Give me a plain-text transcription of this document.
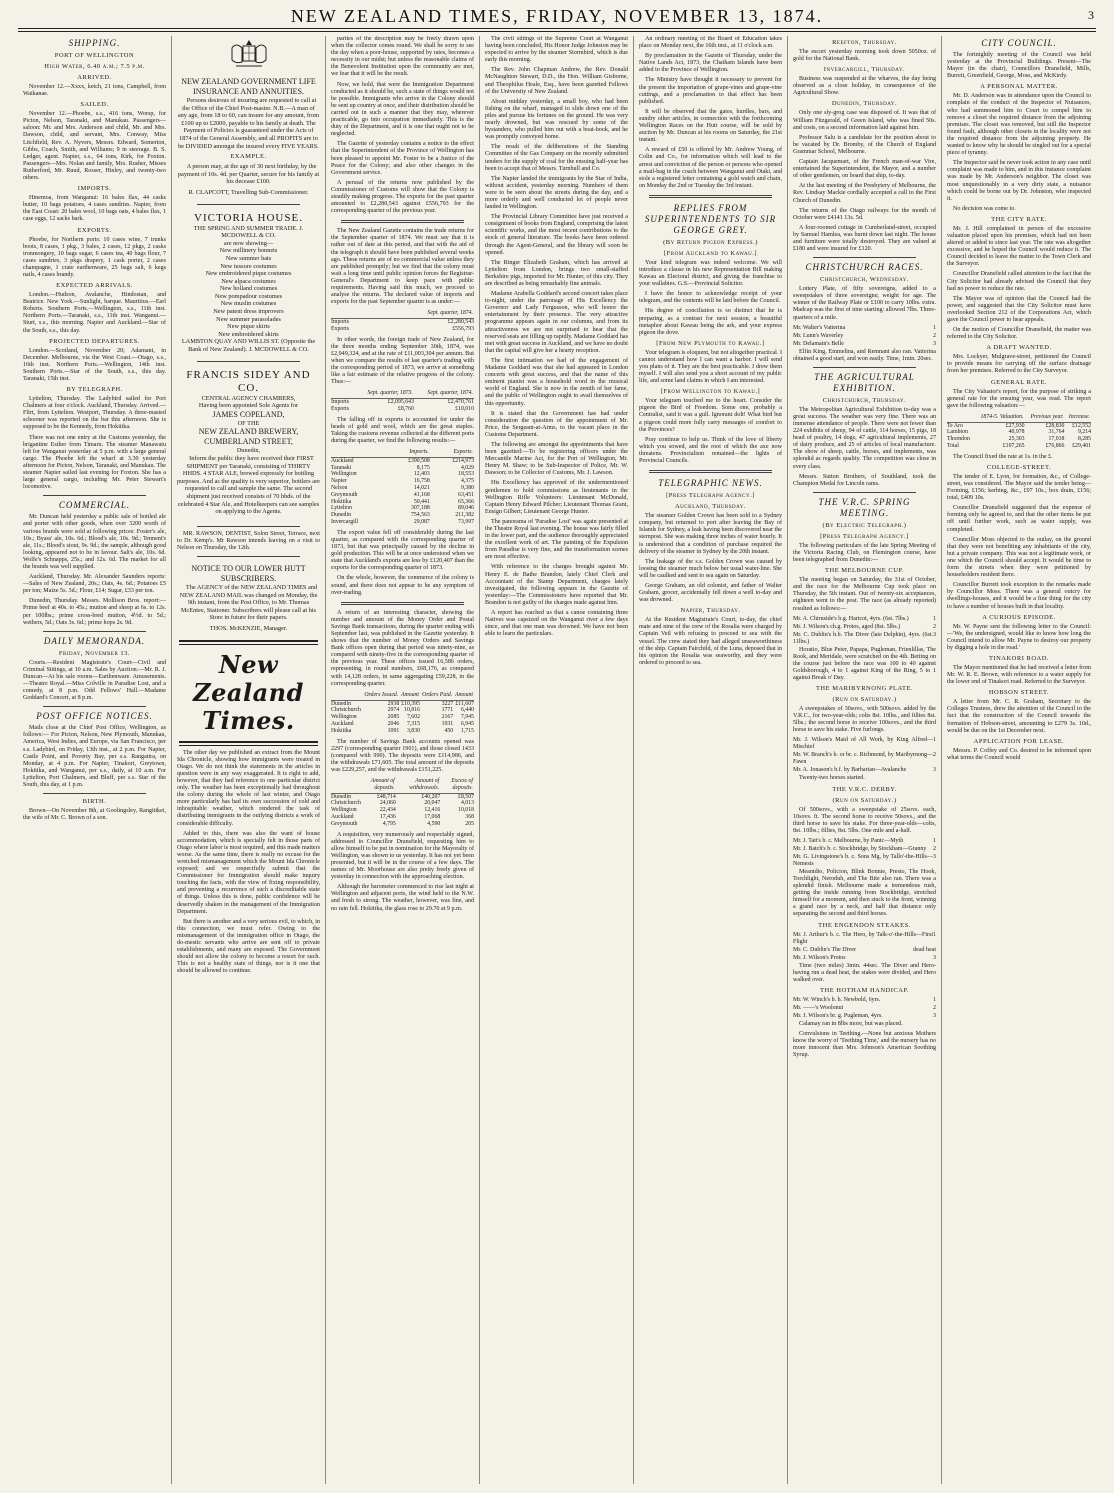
NEW ZEALAND TIMES, FRIDAY, NOVEMBER 13, 1874.	3
SHIPPING.
PORT OF WELLINGTON
High Water, 6.40 a.m.; 7.5 p.m.
ARRIVED.

November 12.—Xxxx, ketch, 21 tons, Campbell, from Waikanae.

SAILED.

November 12.—Phoebe, s.s., 416 tons, Worsp, for Picton, Nelson, Taranaki, and Manukau. Passengers—saloon: Mr. and Mrs. Anderson and child, Mr. and Mrs. Dawson, child, and servant, Mrs. Conway, Miss Litchfield, Rev. A. Nyvers, Messrs. Edward, Somerton, Gibbs, Coach, Smith, and Williams; 9 in steerage. B. S. Ledger, agent. Napier, s.s., 64 tons, Kirk, for Foxton. Passengers—Mrs. Nolan and family, Mrs. Rusher, Misses Rutherford, Mr. Ruud, Rosser, Hinley, and twenty-two others.

IMPORTS.

Hinemoa, from Wanganui: 16 bales flax, 44 casks butter, 10 bags potatoes, 4 cases sundries. Napier, from the East Coast: 20 bales wool, 10 bags oats, 4 bales flax, 1 case eggs, 12 sacks bark.

EXPORTS.

Phoebe, for Northern ports: 10 cases wine, 7 trunks boots, 8 cases, 1 pkg., 3 bales, 2 cases, 12 pkgs, 2 casks ironmongery, 10 bags sugar, 6 cases tea, 40 bags flour, 7 cases sundries, 3 pkgs drapery, 1 cask porter, 2 cases champagne, 1 crate earthenware, 25 bags salt, 6 kegs nails, 4 cases brandy.

EXPECTED ARRIVALS.

London.—Hudson, Avalanche, Hindostan, and Beatrice. New York.—Sunlight, barque. Mauritius.—Earl Roberts. Southern Ports.—Wellington, s.s., 11th inst. Northern Ports.—Taranaki, s.s., 11th inst. Wanganui.—Sturt, s.s., this morning. Napier and Auckland.—Star of the South, s.s., this day.

PROJECTED DEPARTURES.

London.—Scotland, November 20; Adamant, in December. Melbourne, via the West Coast.—Otago, s.s., 16th inst. Northern Ports.—Wellington, 14th inst. Southern Ports.—Star of the South, s.s., this day. Taranaki, 15th inst.

BY TELEGRAPH.

Lyttelton, Thursday. The Ladybird sailed for Port Chalmers at four o'clock. Auckland, Thursday. Arrived.—Flirt, from Lyttelton. Westport, Thursday. A three-masted schooner was reported on the bar this afternoon. She is supposed to be the Kennedy, from Hokitika.

There was not one entry at the Customs yesterday, the brigantine Esther from Timaru. The steamer Manawatu left for Wanganui yesterday at 5 p.m. with a large general cargo. The Phoebe left the wharf at 3.30 yesterday afternoon for Picton, Nelson, Taranaki, and Manukau. The steamer Napier sailed last evening for Foxton. She has a large general cargo, including Mr. Peter Stewart's locomotive.

COMMERCIAL.

Mr. Duncan held yesterday a public sale of bottled ale and porter with other goods, when over 3200 worth of various brands were sold at following prices: Foster's ale, 10s.; Byass' ale, 10s. 6d.; Blood's ale, 10s. 9d.; Tennent's ale, 11s.; Blood's stout, 9s. 9d.; the sample, although good looking, appeared not to be in favour. Salt's ale, 10s. 6d. Wolfe's Schnapps, 25s.; and 12s. 6d. The market for all the brands was well supplied.

Auckland, Thursday. Mr. Alexander Saunders reports:—Sales of New Zealand, 20s.; Oats, 4s. 6d.; Potatoes £5 per ton; Maize 5s. 3d.; Flour, £14; Sugar, £33 per ton.

Dunedin, Thursday. Messrs. Mollison Bros. report:—Prime beef at 40s. to 45s.; mutton and sheep at 6s. to 12s. per 100lbs.; prime cross-bred mutton, 4½d. to 5d.; wethers, 5d.; Oats 3s. 6d.; prime hops 2s. 9d.

DAILY MEMORANDA.
Friday, November 13.

Courts.—Resident Magistrate's Court—Civil and Criminal Sittings, at 10 a.m. Sales by Auction.—Mr. R. J. Duncan—At his sale rooms—Earthenware. Amusements.—Theatre Royal.—Miss Colville in Paradise Lost, and a comedy, at 8 p.m. Odd Fellows' Hall.—Madame Goddard's Concert, at 8 p.m.

POST OFFICE NOTICES.

Mails close at the Chief Post Office, Wellington, as follows:— For Picton, Nelson, New Plymouth, Manukau, America, West Indies, and Europe, via San Francisco, per s.s. Ladybird, on Friday, 13th inst., at 2 p.m. For Napier, Castle Point, and Poverty Bay, per s.s. Rangatira, on Monday, at 4 p.m. For Napier, Tinakori, Greytown, Hokitika, and Wanganui, per s.s., daily, at 10 a.m. For Lyttelton, Port Chalmers, and Bluff, per s.s. Star of the South, this day, at 1 p.m.

BIRTH.

Brown—On November 8th, at Goolingsley, Rangitikei, the wife of Mr. C. Brown of a son.

NEW ZEALAND GOVERNMENT LIFE INSURANCE AND ANNUITIES.

Persons desirous of insuring are requested to call at the Office of the Chief Post-master. N.B.—A man of any age, from 18 to 60, can insure for any amount, from £100 up to £2000, payable to his family at death. The Payment of Policies is guaranteed under the Acts of 1874 of the General Assembly, and all PROFITS are to be DIVIDED amongst the insured every FIVE YEARS.

EXAMPLE.

A person may, at the age of 30 next birthday, by the payment of 10s. 4d. per Quarter, secure for his family at his decease £100.

R. CLAPCOTT, Travelling Sub-Commissioner.
VICTORIA HOUSE.
THE SPRING AND SUMMER TRADE. J. MCDOWELL & CO.
are now showing—
New millinery bonnets
New summer hats
New tussore costumes
New embroidered pique costumes
New alpaca costumes
New holland costumes
New pompadour costumes
New muslin costumes
New patent dress improvers
New summer parasolades
New pique skirts
New embroidered skirts
LAMBTON QUAY AND WILLIS ST. (Opposite the Bank of New Zealand). J. MCDOWELL & CO.
FRANCIS SIDEY AND CO.
CENTRAL AGENCY CHAMBERS,
Having been appointed Sole Agents for
JAMES COPELAND,
OF THE
NEW ZEALAND BREWERY, CUMBERLAND STREET,
Dunedin,

Inform the public they have received their FIRST SHIPMENT per Taranaki, consisting of THIRTY HHDS. 4 STAR ALE, brewed expressly for bottling purposes. And as the quality is very superior, bottlers are requested to call and sample the same. The second shipment just received consists of 70 hhds. of the celebrated 4 Star Ale, and Hotelkeepers can see samples on applying to the Agents.

MR. RAWSON, DENTIST, Solon Street, Terrace, next to Dr. Kemp's. Mr Rawson intends leaving on a visit to Nelson on Thursday, the 12th.

NOTICE TO OUR LOWER HUTT SUBSCRIBERS.

The AGENCY of the NEW ZEALAND TIMES and NEW ZEALAND MAIL was changed on Monday, the 9th instant, from the Post Office, to Mr. Thomas McEntee, Stationer. Subscribers will please call at his Store in future for their papers.

THOS. McKENZIE, Manager.
New Zealand Times.

The other day we published an extract from the Mount Ida Chronicle, showing how immigrants were treated in Otago. We do not think the statements in the articles in question were in any way exaggerated. It is right to add, however, that they had reference to one particular district only. The weather has been exceptionally bad throughout the colony during the whole of last winter, and Otago more particularly has had its own succession of cold and inhospitable weather, which rendered the task of distributing immigrants in the outlying districts a work of considerable difficulty.

Added to this, there was also the want of house accommodation, which is specially felt in those parts of Otago where labor is most required, and this made matters worse. As the same time, there is really no excuse for the wretched mismanagement which the Mount Ida Chronicle exposed; and we respectfully submit that the Commissioner for Immigration should make inquiry touching the facts, with the view of fixing responsibility, and preventing a recurrence of such a discreditable state of things. Unless this is done, public confidence will be deservedly shaken in the management of the Immigration Department.

But there is another and a very serious evil, to which, in this connection, we must refer. Owing to the mismanagement of the immigration office in Otago, the do-mestic servants who arrive are sent off to private establishments, and many are exposed. The Government should not allow the colony to become a resort for such. This is not a healthy state of things, nor is it one that should be allowed to continue.

parties of the description may be freely drawn upon when the collector comes round. We shall be sorry to see the day when a poor-house, supported by rates, becomes a necessity in our midst; but unless the reasonable claims of the Benevolent Institution upon the community are met, we fear that it will be the result.

Now, we hold, that were the Immigration Department conducted as it should be, such a state of things would not be possible. Immigrants who arrive in the Colony should be sent up country at once, and their distribution should be carried out in such a manner that they may, wherever practicable, go into occupation immediately. This is the duty of the Department, and it is one that ought not to be neglected.

The Gazette of yesterday contains a notice to the effect that the Superintendent of the Province of Wellington has been pleased to appoint Mr. Foster to be a Justice of the Peace for the Colony; and also other changes in the Government service.

A perusal of the returns now published by the Commissioner of Customs will show that the Colony is steadily making progress. The exports for the past quarter amounted to £2,280,543 against £556,793 for the corresponding quarter of the previous year.

The New Zealand Gazette contains the trade returns for the September quarter of 1874. We must say that it is rather out of date at this period, and that with the aid of the telegraph it should have been published several weeks ago. These returns are of no commercial value unless they are published promptly; but we find that the colony must wait a long time until public opinion forces the Registrar-General's Department to keep pace with public requirements. Having said this much, we proceed to analyse the returns. The declared value of imports and exports for the past September quarter is as under:—

	Sept. quarter, 1874.
Imports	£2,280,543
Exports	£556,793

In other words, the foreign trade of New Zealand, for the three months ending September 30th, 1874, was £2,949,324, and at the rate of £11,003,304 per annum. But when we compare the results of last quarter's trading with the corresponding period of 1873, we arrive at something like a fair estimate of the relative progress of the colony. Thus:—

	Sept. quarter, 1873.	Sept. quarter, 1874.
Imports	£2,095,643	£2,470,761
Exports	£8,760	£10,010

The falling off in exports is accounted for under the heads of gold and wool, which are the great staples. Taking the customs revenue collected at the different ports during the quarter, we find the following results:—

	Imports.	Exports.
Auckland	£390,508	£214,973
Taranaki	8,175	4,029
Wellington	12,403	18,553
Napier	16,758	4,375
Nelson	14,021	9,380
Greymouth	41,168	63,451
Hokitika	50,441	65,366
Lyttelton	307,188	89,046
Dunedin	754,563	211,382
Invercargill	29,087	73,997

The export value fell off considerably during the last quarter, as compared with the corresponding quarter of 1873, but that was principally caused by the decline in gold production. This will be at once understood when we state that Auckland's exports are less by £120,407 than the exports for the corresponding quarter of 1873.

On the whole, however, the commerce of the colony is sound, and there does not appear to be any symptom of over-trading.

A return of an interesting character, showing the number and amount of the Money Order and Postal Savings Bank transactions, during the quarter ending with September last, was published in the Gazette yesterday. It shows that the number of Money Orders and Savings Bank offices open during that period was ninety-nine, as compared with ninety-five in the corresponding quarter of the previous year. These offices issued 16,586 orders, representing, in round numbers, £68,176, as compared with 14,128 orders, in same aggregating £59,228, in the corresponding quarter.

	Orders Issued.	Amount	Orders Paid.	Amount
Dunedin	2938	£10,395	3227	£11,607
Christchurch	2974	10,816	1771	6,440
Wellington	2085	7,602	2167	7,945
Auckland	2046	7,315	1931	6,945
Hokitika	1091	3,830	450	1,715

The number of Savings Bank accounts opened was 2297 (corresponding quarter 1901), and those closed 1433 (compared with 990). The deposits were £114,986, and the withdrawals £71,605. The total amount of the deposits was £229,257, and the withdrawals £151,225.

	Amount of deposits.	Amount of withdrawals.	Excess of deposits.
Dunedin	£48,714	£40,207	£8,507
Christchurch	24,060	20,047	4,013
Wellington	22,434	12,416	10,018
Auckland	17,436	17,068	368
Greymouth	4,795	4,590	205

A requisition, very numerously and respectably signed, addressed to Councillor Dransfield, requesting him to allow himself to be put in nomination for the Mayoralty of Wellington, was shown to us yesterday. It has not yet been presented, but it will be in the course of a few days. The names of Mr. Moorhouse are also pretty freely given of yesterday in connection with the approaching election.

Although the barometer commenced to rise last night at Wellington and adjacent ports, the wind held to the N.W. and fresh to strong. The weather, however, was fine, and no rain fell. Hokitika, the glass rose to 29.70 at 9 p.m.

The civil sittings of the Supreme Court at Wanganui having been concluded, His Honor Judge Johnston may be expected to arrive by the steamer Stormbird, which is due early this morning.

The Rev. John Chapman Andrew, the Rev. Donald McNaughton Stewart, D.D., the Hon. William Gisborne, and Theophilus Heale, Esq., have been gazetted Fellows of the University of New Zealand.

About midday yesterday, a small boy, who had been fishing on the wharf, managed to slide down one of the piles and pursue his fortunes on the ground. He was very nearly drowned, but was rescued by some of the bystanders, who pulled him out with a boat-hook, and he was promptly conveyed home.

The result of the deliberations of the Standing Committee of the Gas Company on the recently submitted tenders for the supply of coal for the ensuing half-year has been to accept that of Messrs. Turnbull and Co.

The Napier landed the immigrants by the Star of India, without accident, yesterday morning. Numbers of them were to be seen about the streets during the day, and a more orderly and well conducted lot of people never landed in Wellington.

The Provincial Library Committee have just received a consignment of books from England, comprising the latest scientific works, and the most recent contributions to the stock of general literature. The books have been ordered through the Agent-General, and the library will soon be opened.

The Ringer Elizabeth Graham, which has arrived at Lyttelton from London, brings two small-staffed Berkshire pigs, imported for Mr. Hunter, of this city. They are described as being remarkably fine animals.

Madame Arabella Goddard's second concert takes place to-night, under the patronage of His Excellency the Governor and Lady Fergusson, who will honor the entertainment by their presence. The very attractive programme appears again in our columns, and from its attractiveness we are not surprised to hear that the reserved seats are filling up rapidly. Madame Goddard has met with great success in Auckland, and we have no doubt that the capital will give her a hearty reception.

The first intimation we had of the engagement of Madame Goddard was that she had appeared in London concerts with great success, and that the name of this eminent pianist was a household word in the musical world of England. She is now in the zenith of her fame, and the public of Wellington ought to avail themselves of this opportunity.

It is stated that the Government has had under consideration the question of the appointment of Mr. Price, the Sergeant-at-Arms, to the vacant place in the Customs Department.

The following are amongst the appointments that have been gazetted:—To be registering officers under the Mercantile Marine Act, for the Port of Wellington, Mr. Henry M. Shaw; to be Sub-Inspector of Police, Mr. W. Dawson; to be Collector of Customs, Mr. J. Lawson.

His Excellency has approved of the undermentioned gentlemen to hold commissions as lieutenants in the Wellington Rifle Volunteers: Lieutenant McDonald, Captain Henry Edward Pilcher; Lieutenant Thomas Grant, Ensign Gilbert; Lieutenant George Hunter.

The panorama of 'Paradise Lost' was again presented at the Theatre Royal last evening. The house was fairly filled in the lower part, and the audience thoroughly appreciated the excellent work of art. The painting of the Expulsion from Paradise is very fine, and the transformation scenes are most effective.

With reference to the charges brought against Mr. Henry E. de Bathe Brandon, lately Chief Clerk and Accountant of the Stamp Department, charges lately investigated, the following appears in the Gazette of yesterday:—The Commissioners have reported that Mr. Brandon is not guilty of the charges made against him.

A report has reached us that a canoe containing three Natives was capsized on the Wanganui river a few days since, and that one man was drowned. We have not been able to learn the particulars.

An ordinary meeting of the Board of Education takes place on Monday next, the 16th inst., at 11 o'clock a.m.

By proclamation in the Gazette of Thursday, under the Native Lands Act, 1873, the Chatham Islands have been added to the Province of Wellington.

The Ministry have thought it necessary to prevent for the present the importation of grape-vines and grape-vine cuttings, and a proclamation to that effect has been published.

It will be observed that the gates, hurdles, bars, and sundry other articles, in connection with the forthcoming Wellington Races on the Hutt course, will be sold by auction by Mr. Duncan at his rooms on Saturday, the 21st instant.

A reward of £50 is offered by Mr. Andrew Young, of Colin and Co., for information which will lead to the arrest and conviction of the person or persons who opened a mail-bag in the coach between Wanganui and Otaki, and stole a registered letter containing a gold watch and chain, on Monday the 2nd or Tuesday the 3rd instant.

REPLIES FROM SUPERINTENDENTS TO SIR GEORGE GREY.
(By Return Pigeon Express.)
[From Auckland to Kawau.]

Your kind telegram was indeed welcome. We will introduce a clause in his new Representation Bill making Kawau an Electoral district, and giving the franchise to your wallabies. G.S.—Provincial Solicitor.

I have the honor to acknowledge receipt of your telegram, and the contents will be laid before the Council.

His degree of conciliation is so distinct that he is preparing, as a contrast for next session, a beautiful metaphor about Kawau being the ark, and your express pigeon the dove.

[From New Plymouth to Kawau.]

Your telegram is eloquent, but not altogether practical. I cannot understand how I can want a harbor. I will send you plans of it. They are the best practicable. I drew them myself. I will also send you a short account of my public life, and some land claims in which I am interested.

[From Wellington to Kawau.]

Your telegram touched me to the heart. Consider the pigeon the Bird of Freedom. Some one, probably a Centralist, said it was a gull. Ignorant dolt! What bird but a pigeon could more fully carry messages of comfort to the Provinces?

Pray continue to help us. Think of the love of liberty which you sowed, and the root of which the axe now threatens. Provincialism remained—the lights of Provincial Councils.

TELEGRAPHIC NEWS.
[Press Telegraph Agency.]
Auckland, Thursday.

The steamer Golden Crown has been sold to a Sydney company, but returned to port after leaving the Bay of Islands for Sydney, a leak having been discovered near the sternpost. She was making three inches of water hourly. It is understood that a condition of purchase required the delivery of the steamer in Sydney by the 20th instant.

The leakage of the s.s. Golden Crown was caused by loosing the steamer much below her usual water-line. She will be caulked and sent to sea again on Saturday.

George Graham, an old colonist, and father of Walter Graham, grocer, accidentally fell down a well to-day and was drowned.

Napier, Thursday.

At the Resident Magistrate's Court, to-day, the chief mate and nine of the crew of the Rosalia were charged by Captain Veil with refusing to proceed to sea with the vessel. The crew stated they had alleged unseaworthiness of the ship. Captain Fairchild, of the Luna, deposed that in his opinion the Rosalia was seaworthy, and they were ordered to proceed to sea.

Reefton, Thursday.

The escort yesterday morning took down 5050oz. of gold for the National Bank.

Invercargill, Thursday.

Business was suspended at the wharves, the day being observed as a close holiday, in consequence of the Agricultural Show.

Dunedin, Thursday.

Only one sly-grog case was disposed of. It was that of William Fitzgerald, of Green Island, who was fined 50s. and costs, on a second information laid against him.

Professor Salu is a candidate for the position about to be vacated by Dr. Bromby, of the Church of England Grammar School, Melbourne.

Captain Jacquemart, of the French man-of-war Vire, entertained the Superintendent, the Mayor, and a number of other gentlemen, on board that ship, to-day.

At the last meeting of the Presbytery of Melbourne, the Rev. Lindsay Mackie cordially accepted a call to the First Church of Dunedin.

The returns of the Otago railways for the month of October were £4141 13s. 5d.

A four-roomed cottage in Cumberland-street, occupied by Samuel Hamlea, was burnt down last night. The house and furniture were totally destroyed. They are valued at £180 and were insured for £120.

CHRISTCHURCH RACES.
Christchurch, Wednesday.

Lottery Plate, of fifty sovereigns, added to a sweepstakes of three sovereigns; weight for age. The winner of the Railway Plate or £100 to carry 10lbs. extra. Madcap was the first of nine starting: allowed 7lbs. Three-quarters of a mile.

1
Mr. Walter's Vatterina
2
Mr. Lunn's Waverley
3
Mr. Delamain's Belle

Elfin King, Emmelina, and Remnant also ran. Vatterina obtained a good start, and won easily. Time, 1min. 20sec.

THE AGRICULTURAL EXHIBITION.
Christchurch, Thursday.

The Metropolitan Agricultural Exhibition to-day was a great success. The weather was very fine. There was an immense attendance of people. There were not fewer than 224 exhibits of sheep, 94 of cattle, 114 horses, 15 pigs, 18 head of poultry, 14 dogs, 47 agricultural implements, 27 of dairy produce, and 25 of articles of local manufacture. The show of sheep, cattle, horses, and implements, was splendid as regards quality. The competition was close in every class.

Messrs. Sutton Brothers, of Southland, took the Champion Medal for Lincoln rams.

THE V.R.C. SPRING MEETING.
(By Electric Telegraph.)
[Press Telegraph Agency.]

The following particulars of the late Spring Meeting of the Victoria Racing Club, on Flemington course, have been telegraphed from Dunedin:—

THE MELBOURNE CUP.

The meeting began on Saturday, the 31st of October, and the race for the Melbourne Cup took place on Thursday, the 5th instant. Out of twenty-six acceptances, eighteen went to the post. The race (as already reported) resulted as follows:—

1
Mr. A. Chirnside's b.g. Haricot, 4yrs. (6st. 7lbs.)
2
Mr. J. Wilson's ch.g. Protos, aged (8st. 5lbs.)
3
Mr. C. Dublin's h.b. The Diver (late Delphin), 4yrs. (6st. 11lbs.)

Horatio, Blue Peter, Papapa, Pugleman, Frienlillas, The Rook, and Meridale, were scratched on the 4th. Betting on the course just before the race was 100 to 40 against Goldsborough, 4 to 1 against King of the Ring, 5 to 1 against Break o' Day.

THE MARIBYRNONG PLATE.
(Run on Saturday.)

A sweepstakes of 30sovs., with 500sovs. added by the V.R.C., for two-year-olds; colts 8st. 10lbs., and fillies 8st. 5lbs.; the second horse to receive 100sovs., and the third horse to save his stake. Five furlongs.

1
Mr. J. Wilson's Maid of All Work, by King Alfred—Mischief
2
Mr. W. Branch's b. or br. c. Richmond, by Maribyrnong—Fawn
3
Mr. A. Jonason's b.f. by Barbarian—Avalanche

Twenty-two horses started.

THE V.R.C. DERBY.
(Run on Saturday.)

Of 500sovs., with a sweepstake of 25sovs. each, 10sovs. ft. The second horse to receive 50sovs., and the third horse to save his stake. For three-year-olds—colts, 8st. 10lbs.; fillies, 8st. 5lbs. One mile and a-half.

1
Mr. J. Tait's b. c. Melbourne, by Panic—Myth
2
Mr. J. Batch's b. c. Stockbridge, by Stockham—Granny
3
Mr. G. Livingstone's b. c. Sons Mg, by Tallo'-the-Hills—Nemesis

Meanidio, Policion, Blink Bonnie, Presto, The Hook, Torchlight, Neroduh, and The Bite also ran. There was a splendid finish. Melbourne made a tremendous rush, getting the inside running from Stockbridge, stretched himself for a moment, and then stuck to the front, winning a grand race by a neck, and half that distance only separating the second and third horses.

THE ENGENDON STEAKES.
1
Mr. J. Arthur's b. c. The Hero, by Talk-o'-the-Hills—First Flight
dead heat
Mr. C. Dublin's The Diver
3
Mr. J. Wilson's Protos

Time (two miles) 3min. 44sec. The Diver and Hero-having run a dead heat, the stakes were divided, and Hero walked over.

THE HOTHAM HANDICAP.
1
Mr. W. Winch's b. h. Newbold, 6yrs.
2
Mr. ——'s Woolonui
3
Mr. J. Wilson's br. g. Pugleman, 4yrs.

Calamay ran in 8lbs more, but was placed.

Convulsions in Teething.—None but anxious Mothers know the worry of 'Teething Time,' and the nursery has no more innocent than Mrs. Johnson's American Soothing Syrup.

CITY COUNCIL.

The fortnightly meeting of the Council was held yesterday at the Provincial Buildings. Present—The Mayor (in the chair), Councillors Dransfield, Mills, Burrett, Greenfield, George, Moss, and McKirdy.

A PERSONAL MATTER.

Mr. D. Anderson was in attendance upon the Council to complain of the conduct of the Inspector of Nuisances, who had summoned him to Court to compel him to remove a closet the required distance from the adjoining premises. The closet was removed, but still the Inspector found fault, although other closets in the locality were not the required distance from the adjoining property. He wanted to know why he should be singled out for a special piece of tyranny.

The Inspector said he never took action in any case until complaint was made to him, and in this instance complaint was made by Mr. Anderson's neighbor. The closet was most unquestionably in a very dirty state, a nuisance which could be borne out by Dr. Johnston, who inspected it.

No decision was come to.

THE CITY RATE.

Mr. J. Hill complained in person of the excessive valuation placed upon his premises, which had not been altered or added to since last year. The rate was altogether excessive, and he hoped the Council would reduce it. The Council decided to leave the matter to the Town Clerk and the Surveyor.

Councillor Dransfield called attention to the fact that the City Solicitor had already advised the Council that they had no power to reduce the rate.

The Mayor was of opinion that the Council had the power, and suggested that the City Solicitor must have overlooked Section 212 of the Corporations Act, which gave the Council power to hear appeals.

On the motion of Councillor Dransfield, the matter was referred to the City Solicitor.

A DRAFT WANTED.

Mrs. Lockyer, Mulgrave-street, petitioned the Council to provide means for carrying off the surface drainage from her premises. Referred to the City Surveyor.

GENERAL RATE.

The City Valuator's report, for the purpose of striking a general rate for the ensuing year, was read. The report gave the following valuation:—

	1874-5. Valuation.	Previous year.	Increase.
Te Aro	£27,930	£28,830	£12,552
Lambton	40,978	31,764	9,214
Thorndon	25,303	17,018	8,285
Total	£107,265	£76,866	£29,401

The Council fixed the rate at 1s. in the £.

COLLEGE-STREET.

The tender of E. Lyon, for formation, &c., of College-street, was considered. The Mayor said the tender being—Forming, £156; kerbing, &c., £97 10s.; box drain, £156; total, £409 10s.

Councillor Dransfield suggested that the expense of forming only be agreed to, and that the other items be put off until further work, such as water supply, was completed.

Councillor Moss objected to the outlay, on the ground that they were not benefiting any inhabitants of the city, but a private company. This was not a legitimate work, or one which the Council should accept. It would be time to form the streets when they were petitioned by householders resident there.

Councillor Burrett took exception to the remarks made by Councillor Moss. There was a general outcry for dwellings-houses, and it would be a fine thing for the city to have a number of houses built in that locality.

A CURIOUS EPISODE.

Mr. W. Payne sent the following letter to the Council:—'We, the undersigned, would like to know how long the Council intend to allow Mr. Payne to destroy our property by digging a hole in the road.'

TINAKORI ROAD.

The Mayor mentioned that he had received a letter from Mr. W. R. E. Brown, with reference to a water supply for the lower end of Tinakori road. Referred to the Surveyor.

HOBSON STREET.

A letter from Mr. C. R. Graham, Secretary to the Colleges Trustees, drew the attention of the Council to the fact that the construction of the Council towards the formation of Hobson-street, amounting to £279 3s. 10d., would be due on the 1st December next.

APPLICATION FOR LEASE.

Messrs. P. Coffey and Co. desired to be informed upon what terms the Council would
